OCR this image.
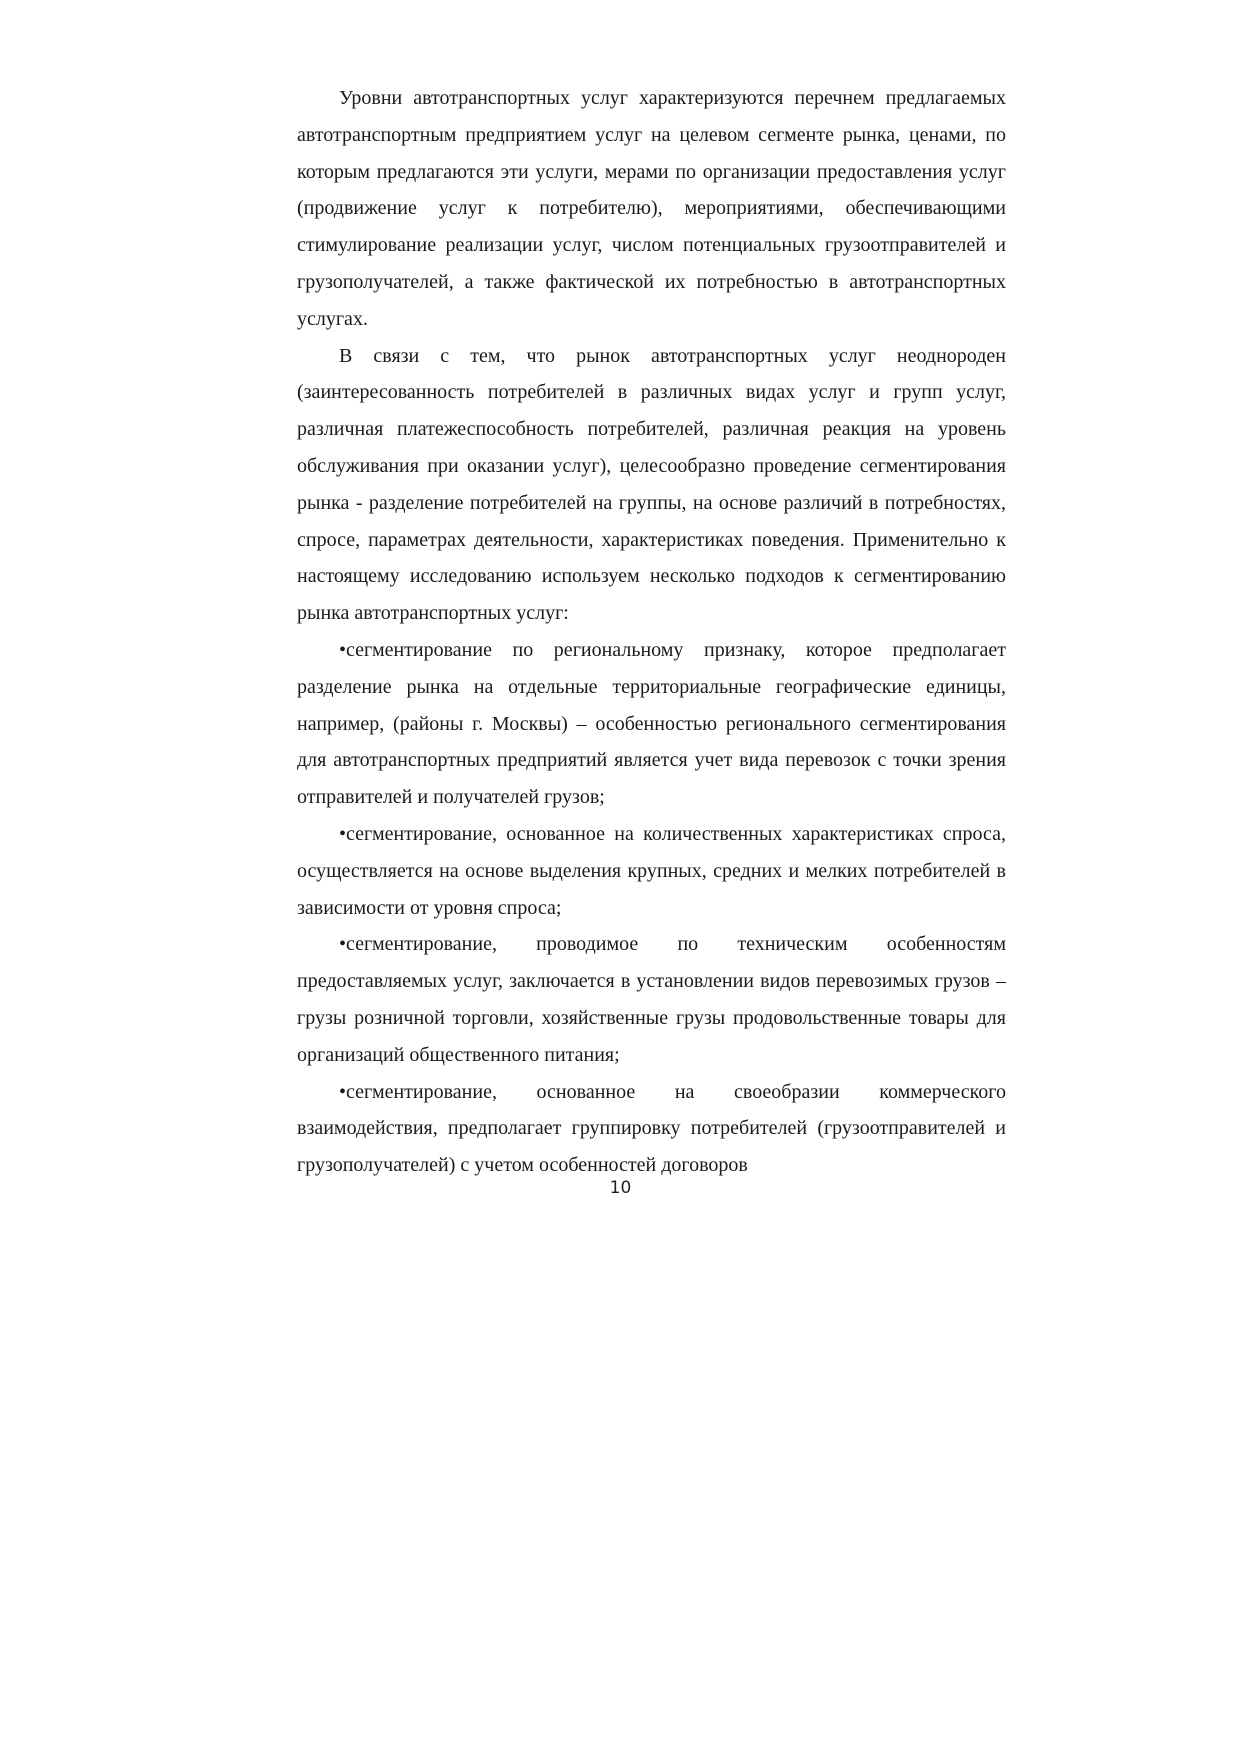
Уровни автотранспортных услуг характеризуются перечнем предлагаемых автотранспортным предприятием услуг на целевом сегменте рынка, ценами, по которым предлагаются эти услуги, мерами по организации предоставления услуг (продвижение услуг к потребителю), мероприятиями, обеспечивающими стимулирование реализации услуг, числом потенциальных грузоотправителей и грузополучателей, а также фактической их потребностью в автотранспортных услугах.

В связи с тем, что рынок автотранспортных услуг неоднороден (заинтересованность потребителей в различных видах услуг и групп услуг, различная платежеспособность потребителей, различная реакция на уровень обслуживания при оказании услуг), целесообразно проведение сегментирования рынка - разделение потребителей на группы, на основе различий в потребностях, спросе, параметрах деятельности, характеристиках поведения. Применительно к настоящему исследованию используем несколько подходов к сегментированию рынка автотранспортных услуг:

•сегментирование по региональному признаку, которое предполагает разделение рынка на отдельные территориальные географические единицы, например, (районы г. Москвы) – особенностью регионального сегментирования для автотранспортных предприятий является учет вида перевозок с точки зрения отправителей и получателей грузов;

•сегментирование, основанное на количественных характеристиках спроса, осуществляется на основе выделения крупных, средних и мелких потребителей в зависимости от уровня спроса;

•сегментирование, проводимое по техническим особенностям предоставляемых услуг, заключается в установлении видов перевозимых грузов – грузы розничной торговли, хозяйственные грузы продовольственные товары для организаций общественного питания;

•сегментирование, основанное на своеобразии коммерческого взаимодействия, предполагает группировку потребителей (грузоотправителей и грузополучателей) с учетом особенностей договоров

10
